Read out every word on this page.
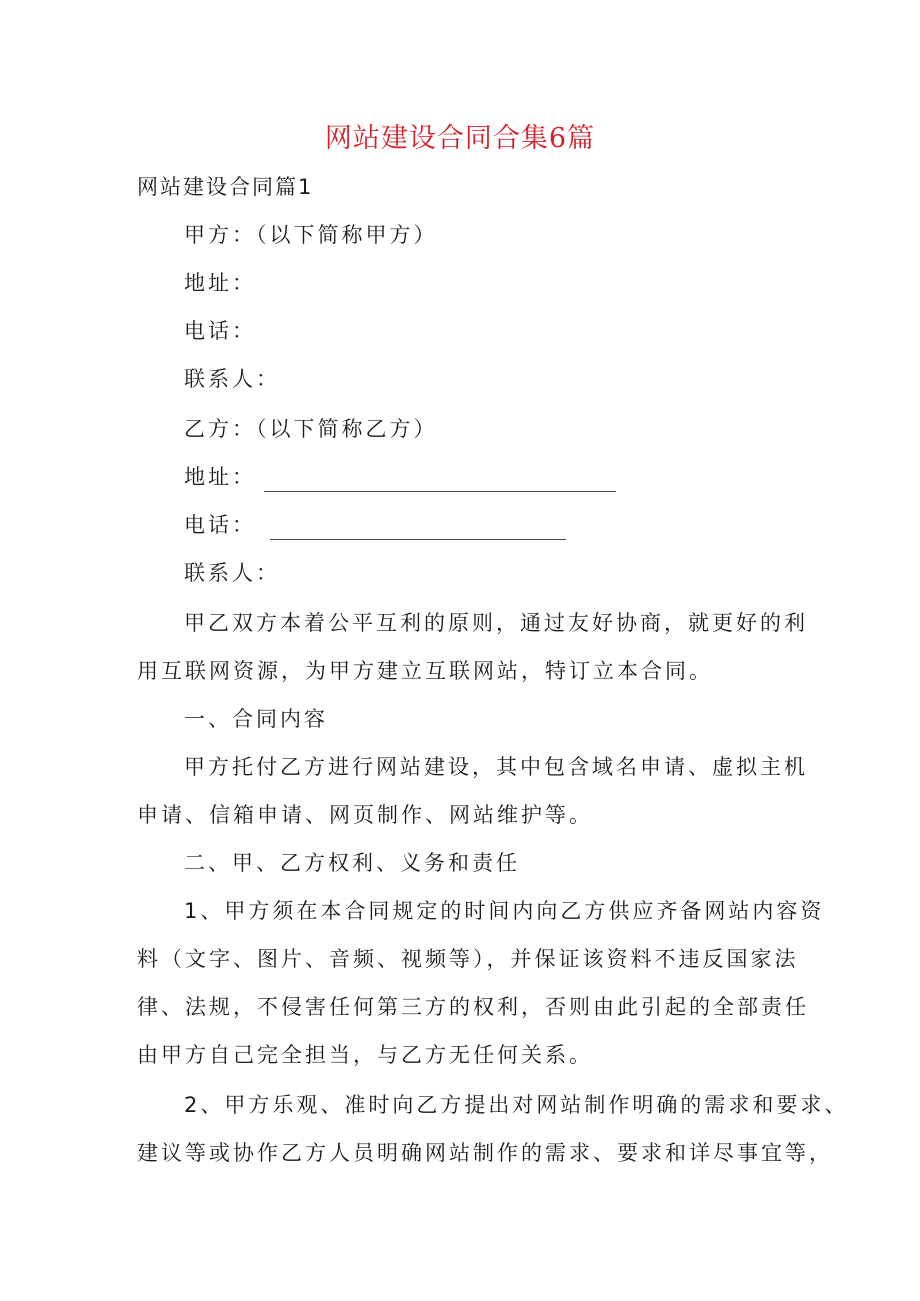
网站建设合同合集6篇
网站建设合同篇1
甲方：（以下简称甲方）
地址：
电话：
联系人：
乙方：（以下简称乙方）
地址：
电话：
联系人：
甲乙双方本着公平互利的原则，通过友好协商，就更好的利
用互联网资源，为甲方建立互联网站，特订立本合同。
一、合同内容
甲方托付乙方进行网站建设，其中包含域名申请、虚拟主机
申请、信箱申请、网页制作、网站维护等。
二、甲、乙方权利、义务和责任
1、甲方须在本合同规定的时间内向乙方供应齐备网站内容资
料（文字、图片、音频、视频等），并保证该资料不违反国家法
律、法规，不侵害任何第三方的权利，否则由此引起的全部责任
由甲方自己完全担当，与乙方无任何关系。
2、甲方乐观、准时向乙方提出对网站制作明确的需求和要求、
建议等或协作乙方人员明确网站制作的需求、要求和详尽事宜等，
